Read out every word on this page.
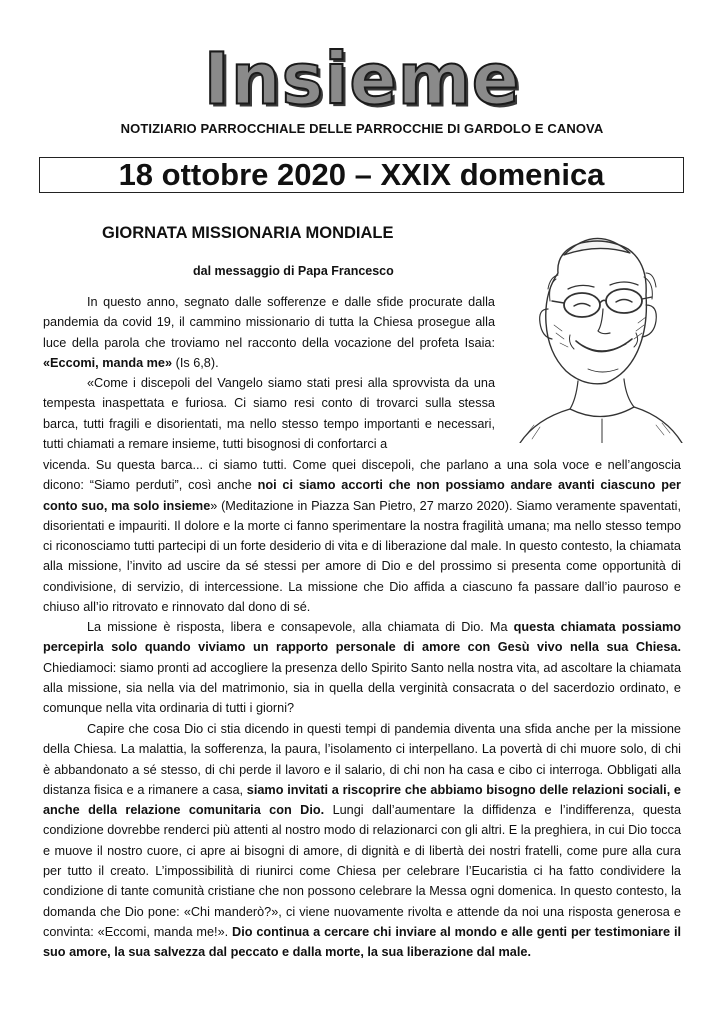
Insieme
NOTIZIARIO PARROCCHIALE DELLE PARROCCHIE DI GARDOLO E CANOVA
18 ottobre 2020 – XXIX domenica
GIORNATA MISSIONARIA MONDIALE
dal messaggio di Papa Francesco

In questo anno, segnato dalle sofferenze e dalle sfide procurate dalla pandemia da covid 19, il cammino missionario di tutta la Chiesa prosegue alla luce della parola che troviamo nel racconto della vocazione del profeta Isaia: «Eccomi, manda me» (Is 6,8).

«Come i discepoli del Vangelo siamo stati presi alla sprovvista da una tempesta inaspettata e furiosa. Ci siamo resi conto di trovarci sulla stessa barca, tutti fragili e disorientati, ma nello stesso tempo importanti e necessari, tutti chiamati a remare insieme, tutti bisognosi di confortarci a

vicenda. Su questa barca... ci siamo tutti. Come quei discepoli, che parlano a una sola voce e nell’angoscia dicono: “Siamo perduti”, così anche noi ci siamo accorti che non possiamo andare avanti ciascuno per conto suo, ma solo insieme» (Meditazione in Piazza San Pietro, 27 marzo 2020). Siamo veramente spaventati, disorientati e impauriti. Il dolore e la morte ci fanno sperimentare la nostra fragilità umana; ma nello stesso tempo ci riconosciamo tutti partecipi di un forte desiderio di vita e di liberazione dal male. In questo contesto, la chiamata alla missione, l’invito ad uscire da sé stessi per amore di Dio e del prossimo si presenta come opportunità di condivisione, di servizio, di intercessione. La missione che Dio affida a ciascuno fa passare dall’io pauroso e chiuso all’io ritrovato e rinnovato dal dono di sé.

La missione è risposta, libera e consapevole, alla chiamata di Dio. Ma questa chiamata possiamo percepirla solo quando viviamo un rapporto personale di amore con Gesù vivo nella sua Chiesa. Chiediamoci: siamo pronti ad accogliere la presenza dello Spirito Santo nella nostra vita, ad ascoltare la chiamata alla missione, sia nella via del matrimonio, sia in quella della verginità consacrata o del sacerdozio ordinato, e comunque nella vita ordinaria di tutti i giorni?

Capire che cosa Dio ci stia dicendo in questi tempi di pandemia diventa una sfida anche per la missione della Chiesa. La malattia, la sofferenza, la paura, l’isolamento ci interpellano. La povertà di chi muore solo, di chi è abbandonato a sé stesso, di chi perde il lavoro e il salario, di chi non ha casa e cibo ci interroga. Obbligati alla distanza fisica e a rimanere a casa, siamo invitati a riscoprire che abbiamo bisogno delle relazioni sociali, e anche della relazione comunitaria con Dio. Lungi dall’aumentare la diffidenza e l’indifferenza, questa condizione dovrebbe renderci più attenti al nostro modo di relazionarci con gli altri. E la preghiera, in cui Dio tocca e muove il nostro cuore, ci apre ai bisogni di amore, di dignità e di libertà dei nostri fratelli, come pure alla cura per tutto il creato. L’impossibilità di riunirci come Chiesa per celebrare l’Eucaristia ci ha fatto condividere la condizione di tante comunità cristiane che non possono celebrare la Messa ogni domenica. In questo contesto, la domanda che Dio pone: «Chi manderò?», ci viene nuovamente rivolta e attende da noi una risposta generosa e convinta: «Eccomi, manda me!». Dio continua a cercare chi inviare al mondo e alle genti per testimoniare il suo amore, la sua salvezza dal peccato e dalla morte, la sua liberazione dal male.
